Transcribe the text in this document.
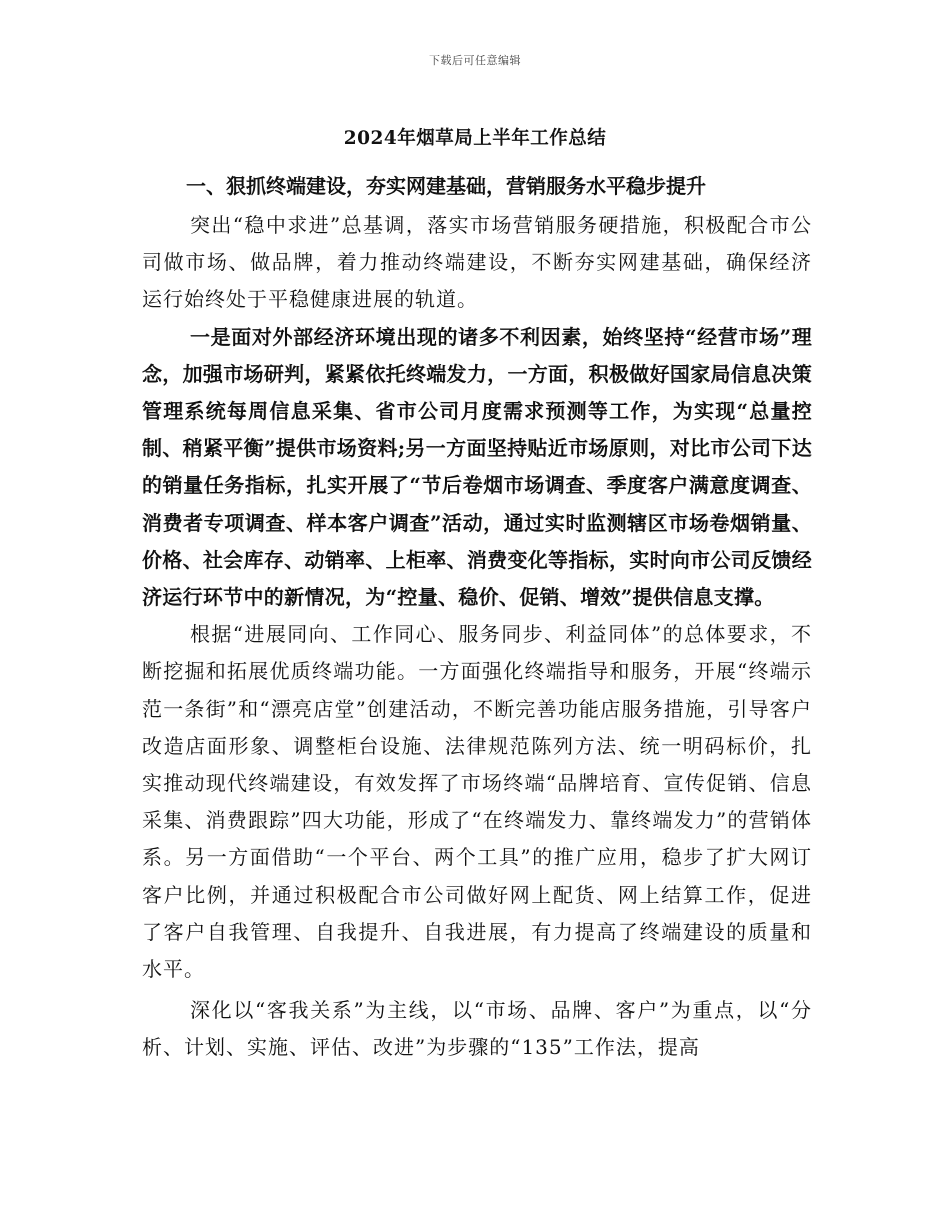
下载后可任意编辑
2024年烟草局上半年工作总结

一、狠抓终端建设，夯实网建基础，营销服务水平稳步提升

突出“稳中求进”总基调，落实市场营销服务硬措施，积极配合市公司做市场、做品牌，着力推动终端建设，不断夯实网建基础，确保经济运行始终处于平稳健康进展的轨道。

一是面对外部经济环境出现的诸多不利因素，始终坚持“经营市场”理念，加强市场研判，紧紧依托终端发力，一方面，积极做好国家局信息决策管理系统每周信息采集、省市公司月度需求预测等工作，为实现“总量控制、稍紧平衡”提供市场资料;另一方面坚持贴近市场原则，对比市公司下达的销量任务指标，扎实开展了“节后卷烟市场调查、季度客户满意度调查、消费者专项调查、样本客户调查”活动，通过实时监测辖区市场卷烟销量、价格、社会库存、动销率、上柜率、消费变化等指标，实时向市公司反馈经济运行环节中的新情况，为“控量、稳价、促销、增效”提供信息支撑。

根据“进展同向、工作同心、服务同步、利益同体”的总体要求，不断挖掘和拓展优质终端功能。一方面强化终端指导和服务，开展“终端示范一条街”和“漂亮店堂”创建活动，不断完善功能店服务措施，引导客户改造店面形象、调整柜台设施、法律规范陈列方法、统一明码标价，扎实推动现代终端建设，有效发挥了市场终端“品牌培育、宣传促销、信息采集、消费跟踪”四大功能，形成了“在终端发力、靠终端发力”的营销体系。另一方面借助“一个平台、两个工具”的推广应用，稳步了扩大网订客户比例，并通过积极配合市公司做好网上配货、网上结算工作，促进了客户自我管理、自我提升、自我进展，有力提高了终端建设的质量和水平。

深化以“客我关系”为主线，以“市场、品牌、客户”为重点，以“分析、计划、实施、评估、改进”为步骤的“135”工作法，提高
